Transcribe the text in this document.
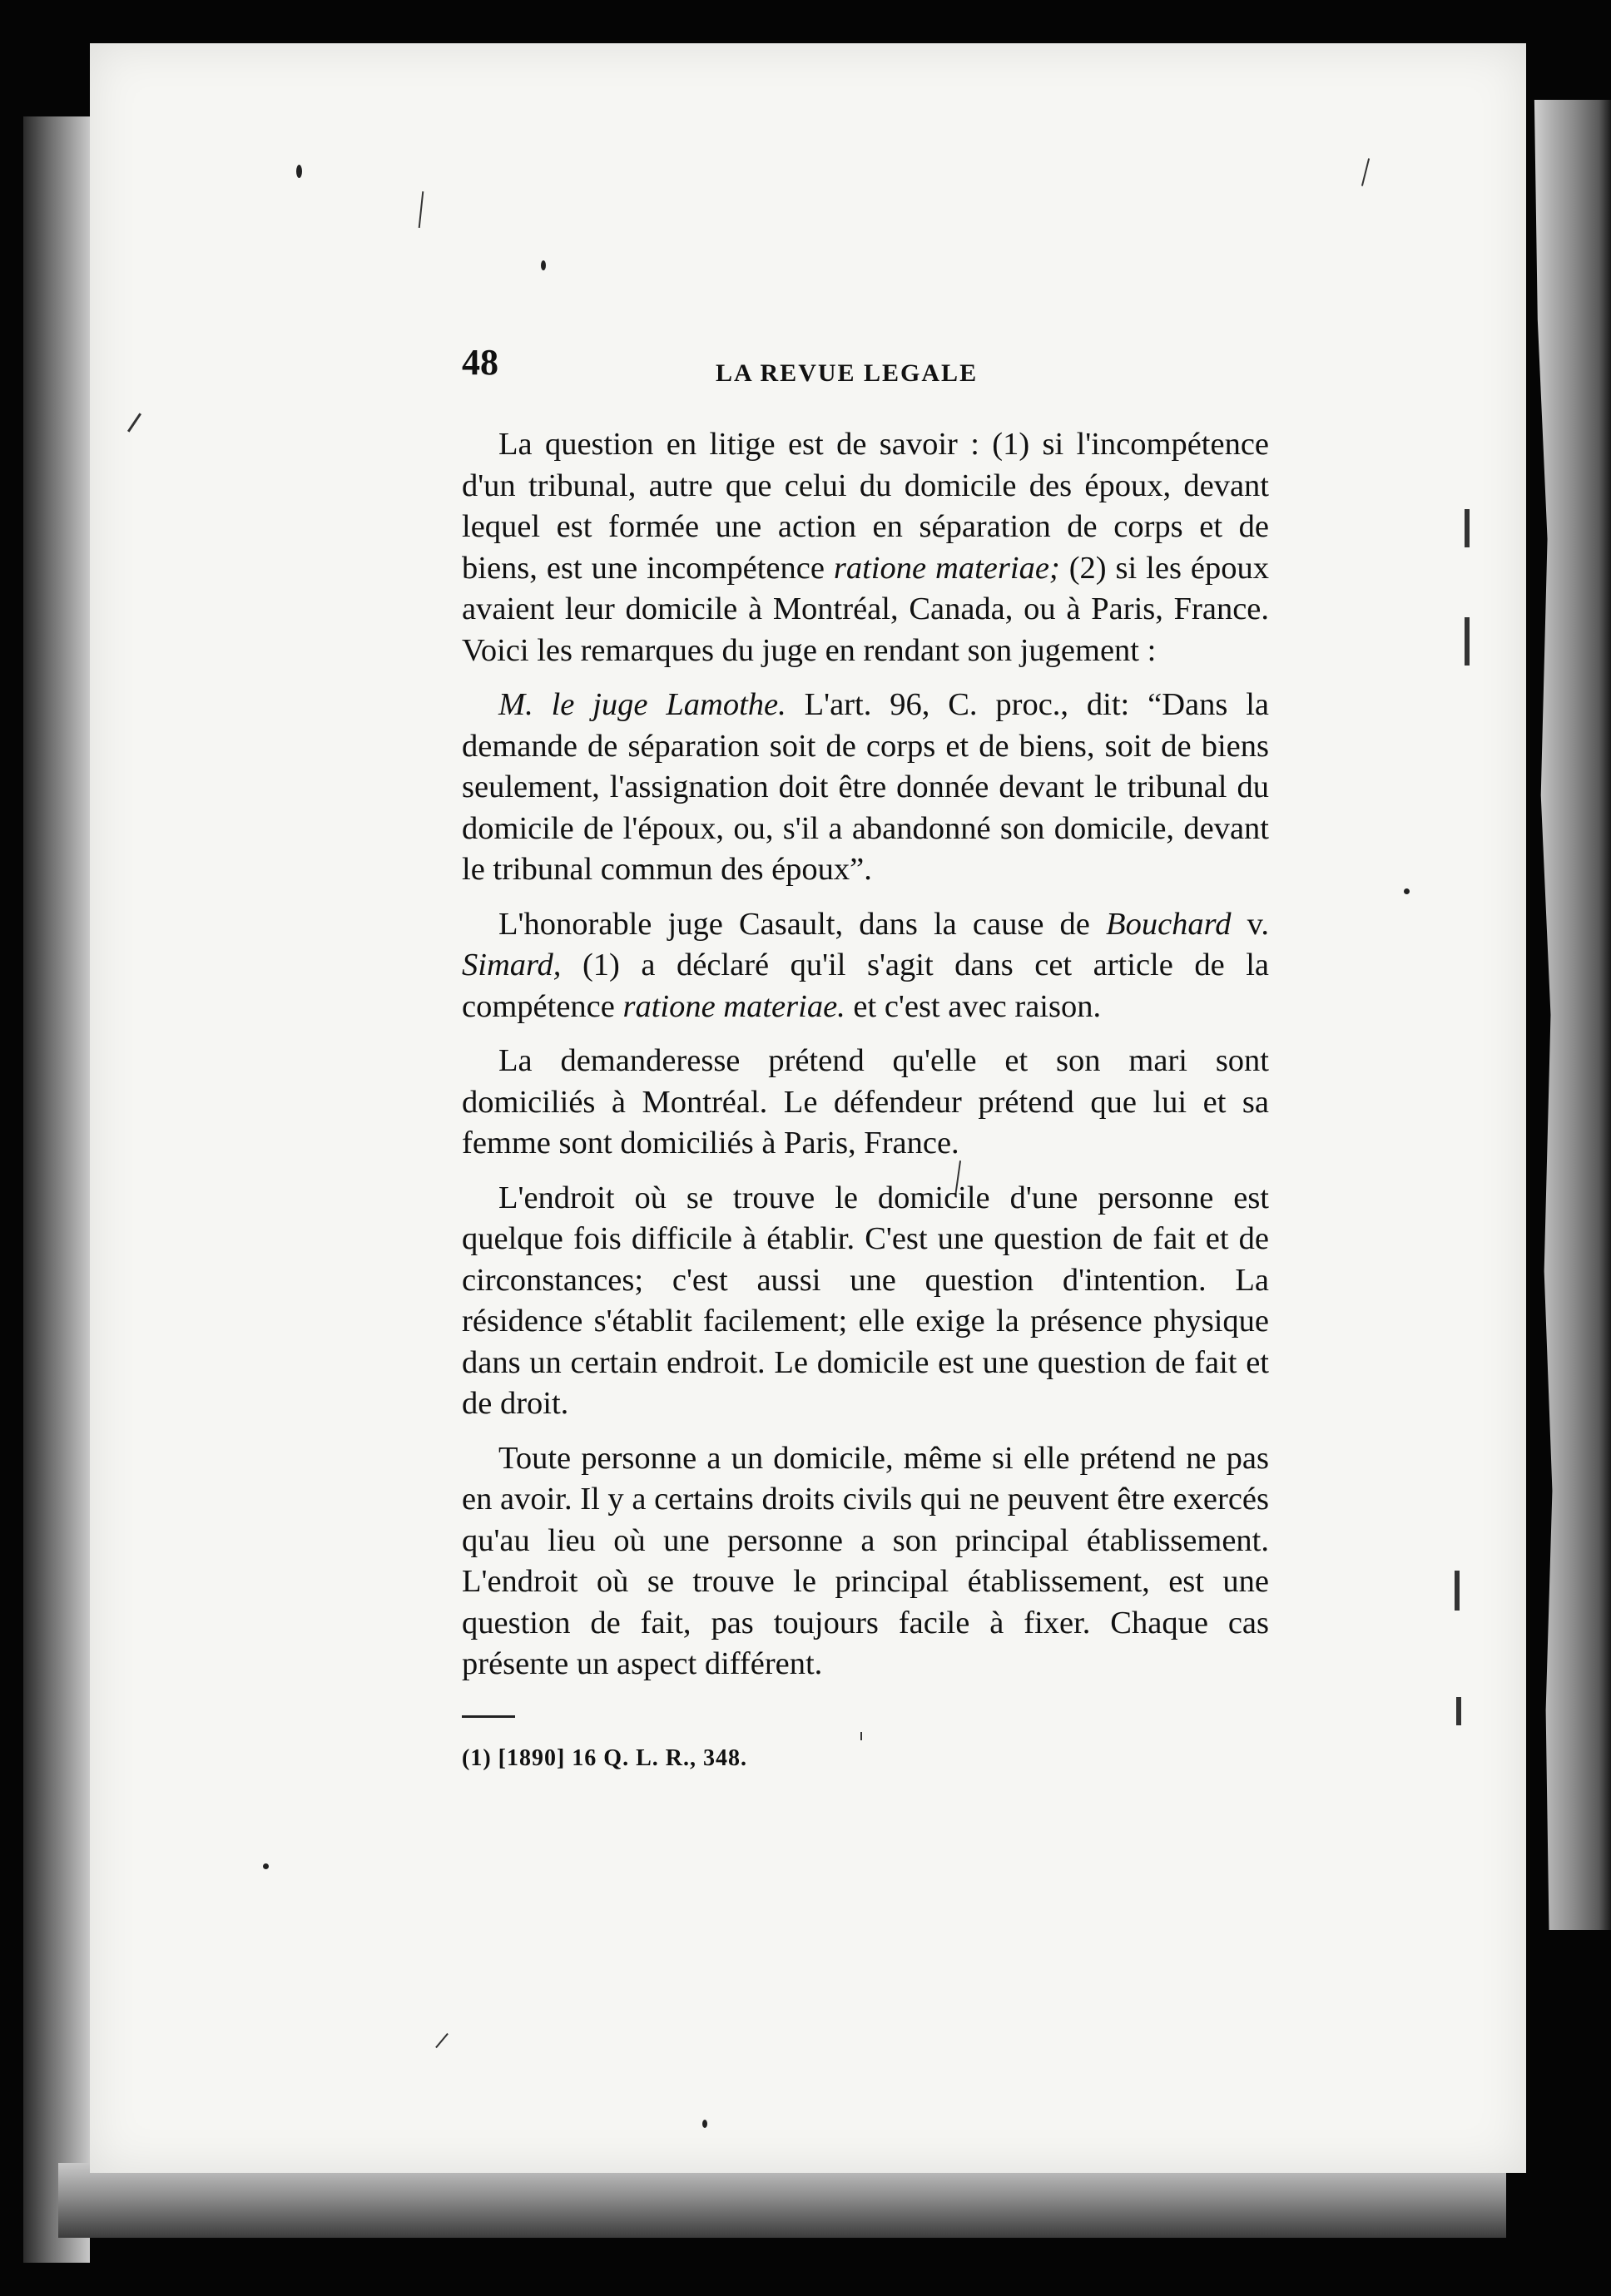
48	LA REVUE LEGALE

La question en litige est de savoir : (1) si l'incompétence d'un tribunal, autre que celui du domicile des époux, devant lequel est formée une action en séparation de corps et de biens, est une incompétence ratione materiae; (2) si les époux avaient leur domicile à Montréal, Canada, ou à Paris, France. Voici les remarques du juge en rendant son jugement :

M. le juge Lamothe. L'art. 96, C. proc., dit: “Dans la demande de séparation soit de corps et de biens, soit de biens seulement, l'assignation doit être donnée devant le tribunal du domicile de l'époux, ou, s'il a abandonné son domicile, devant le tribunal commun des époux”.

L'honorable juge Casault, dans la cause de Bouchard v. Simard, (1) a déclaré qu'il s'agit dans cet article de la compétence ratione materiae. et c'est avec raison.

La demanderesse prétend qu'elle et son mari sont domiciliés à Montréal. Le défendeur prétend que lui et sa femme sont domiciliés à Paris, France.

L'endroit où se trouve le domicile d'une personne est quelque fois difficile à établir. C'est une question de fait et de circonstances; c'est aussi une question d'intention. La résidence s'établit facilement; elle exige la présence physique dans un certain endroit. Le domicile est une question de fait et de droit.

Toute personne a un domicile, même si elle prétend ne pas en avoir. Il y a certains droits civils qui ne peuvent être exercés qu'au lieu où une personne a son principal établissement. L'endroit où se trouve le principal établissement, est une question de fait, pas toujours facile à fixer. Chaque cas présente un aspect différent.

(1) [1890] 16 Q. L. R., 348.
